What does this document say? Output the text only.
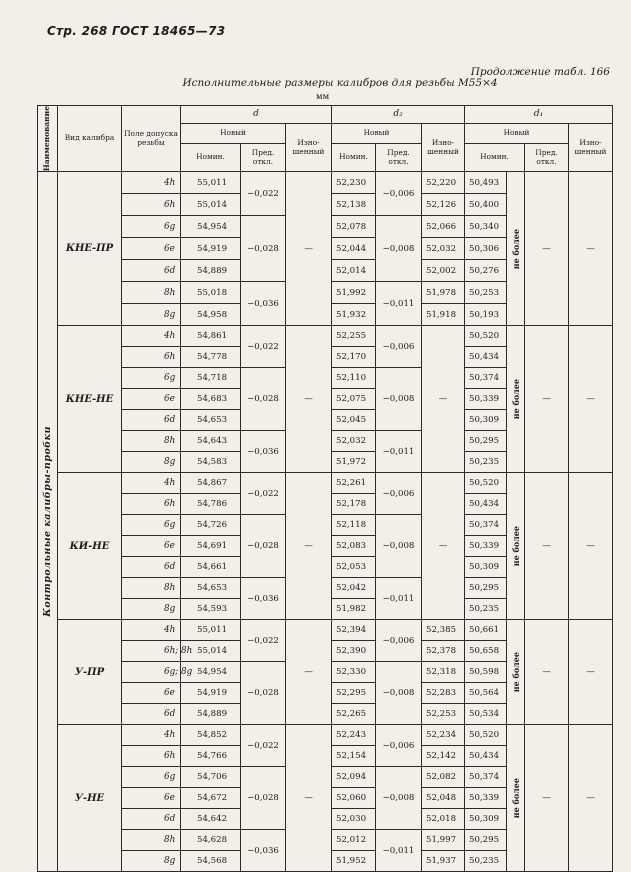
Стр. 268 ГОСТ 18465—73
Продолжение табл. 166
Исполнительные размеры калибров для резьбы М55×4
мм
Наименование	Вид калибра	Поле допуска резьбы	d			d₂			d₁			
			Новый		Изно-шенный	Новый		Изно-шенный	Новый			Изно-шенный
			Номин.	Пред. откл.		Номин.	Пред. откл.		Номин.		Пред. откл.	

Контрольные калибры-пробки	КНЕ-ПР	4h	55,011	−0,022	—	52,230	−0,006	52,220	50,493	не более	—	—
		6h	55,014			52,138		52,126	50,400			
		6g	54,954	−0,028		52,078	−0,008	52,066	50,340			
		6e	54,919			52,044		52,032	50,306			
		6d	54,889			52,014		52,002	50,276			
		8h	55,018	−0,036		51,992	−0,011	51,978	50,253			
		8g	54,958			51,932		51,918	50,193			
	КНЕ-НЕ	4h	54,861	−0,022	—	52,255	−0,006	—	50,520	не более	—	—
		6h	54,778			52,170			50,434			
		6g	54,718	−0,028		52,110	−0,008		50,374			
		6e	54,683			52,075			50,339			
		6d	54,653			52,045			50,309			
		8h	54,643	−0,036		52,032	−0,011		50,295			
		8g	54,583			51,972			50,235			
	КИ-НЕ	4h	54,867	−0,022	—	52,261	−0,006	—	50,520	не более	—	—
		6h	54,786			52,178			50,434			
		6g	54,726	−0,028		52,118	−0,008		50,374			
		6e	54,691			52,083			50,339			
		6d	54,661			52,053			50,309			
		8h	54,653	−0,036		52,042	−0,011		50,295			
		8g	54,593			51,982			50,235			
	У-ПР	4h	55,011	−0,022	—	52,394	−0,006	52,385	50,661	не более	—	—
		6h; 8h	55,014			52,390		52,378	50,658			
		6g; 8g	54,954	−0,028		52,330	−0,008	52,318	50,598			
		6e	54,919			52,295		52,283	50,564			
		6d	54,889			52,265		52,253	50,534			
	У-НЕ	4h	54,852	−0,022	—	52,243	−0,006	52,234	50,520	не более	—	—
		6h	54,766			52,154		52,142	50,434			
		6g	54,706	−0,028		52,094	−0,008	52,082	50,374			
		6e	54,672			52,060		52,048	50,339			
		6d	54,642			52,030		52,018	50,309			
		8h	54,628	−0,036		52,012	−0,011	51,997	50,295			
		8g	54,568			51,952		51,937	50,235			
